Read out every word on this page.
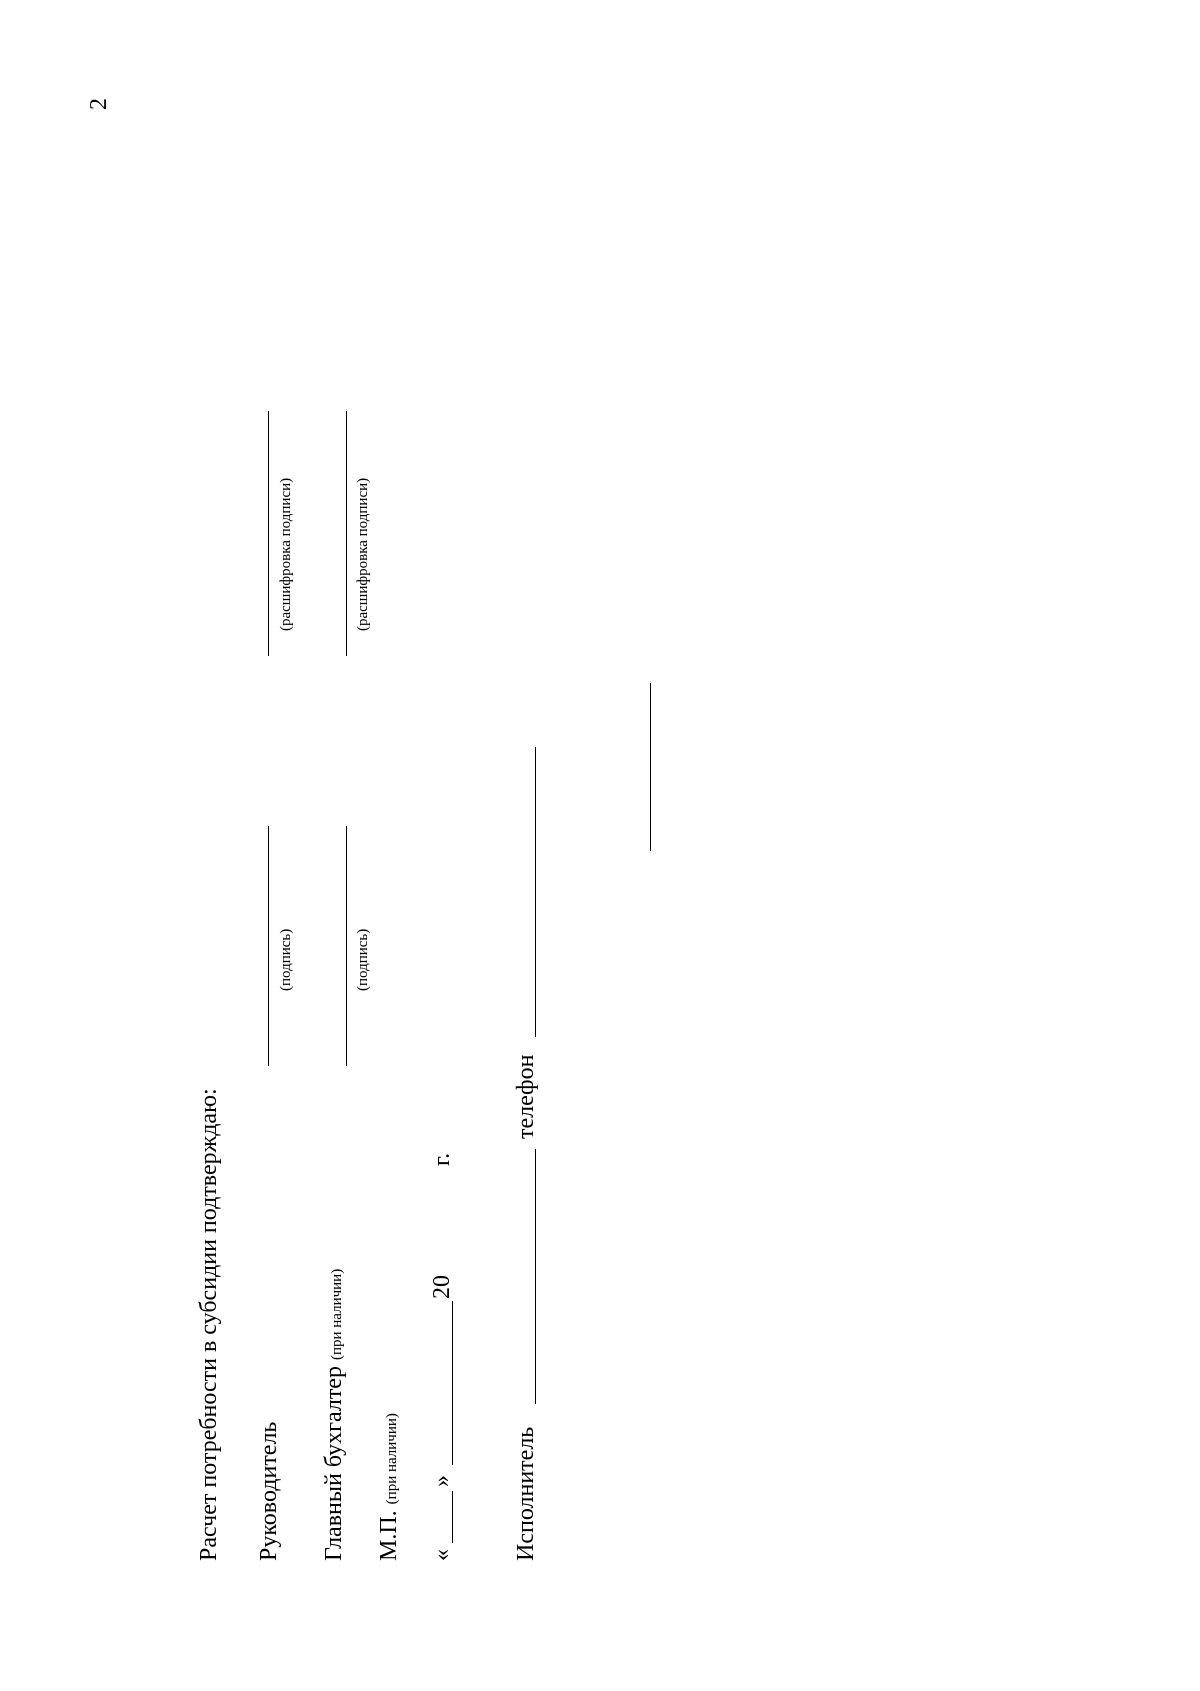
2
Расчет потребности в субсидии подтверждаю: Руководитель
(подпись)
(расшифровка подписи)
Главный бухгалтер (при наличии)
(подпись)
(расшифровка подписи)
М.П. (при наличии)
«
»
20
г.
Исполнитель
телефон
